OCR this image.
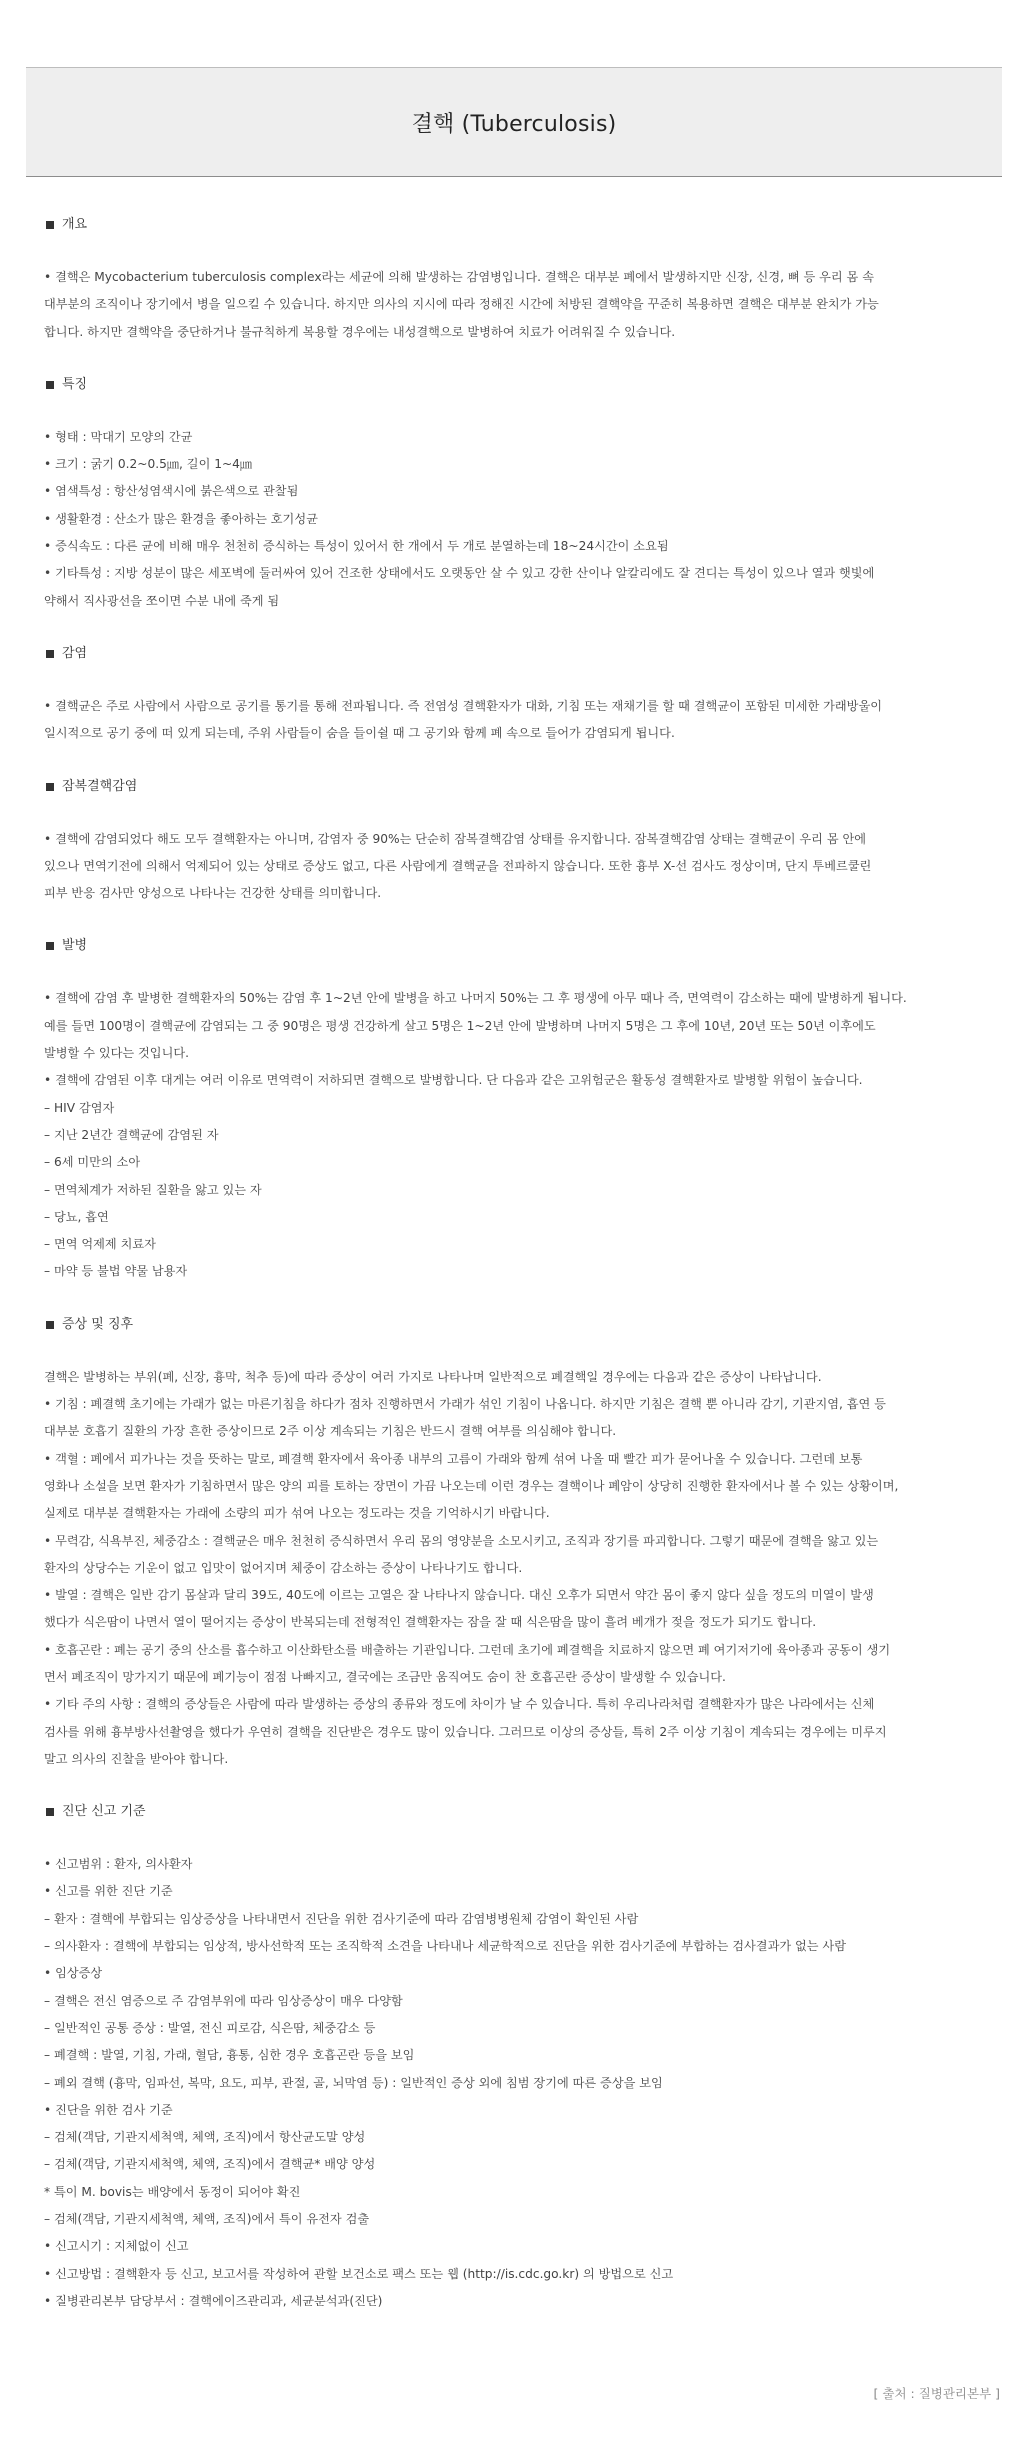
결핵 (Tuberculosis)
개요

• 결핵은 Mycobacterium tuberculosis complex라는 세균에 의해 발생하는 감염병입니다. 결핵은 대부분 폐에서 발생하지만 신장, 신경, 뼈 등 우리 몸 속

대부분의 조직이나 장기에서 병을 일으킬 수 있습니다. 하지만 의사의 지시에 따라 정해진 시간에 처방된 결핵약을 꾸준히 복용하면 결핵은 대부분 완치가 가능

합니다. 하지만 결핵약을 중단하거나 불규칙하게 복용할 경우에는 내성결핵으로 발병하여 치료가 어려워질 수 있습니다.

특징

• 형태 : 막대기 모양의 간균

• 크기 : 굵기 0.2~0.5㎛, 길이 1~4㎛

• 염색특성 : 항산성염색시에 붉은색으로 관찰됨

• 생활환경 : 산소가 많은 환경을 좋아하는 호기성균

• 증식속도 : 다른 균에 비해 매우 천천히 증식하는 특성이 있어서 한 개에서 두 개로 분열하는데 18~24시간이 소요됨

• 기타특성 : 지방 성분이 많은 세포벽에 둘러싸여 있어 건조한 상태에서도 오랫동안 살 수 있고 강한 산이나 알칼리에도 잘 견디는 특성이 있으나 열과 햇빛에

약해서 직사광선을 쪼이면 수분 내에 죽게 됨

감염

• 결핵균은 주로 사람에서 사람으로 공기를 통기를 통해 전파됩니다. 즉 전염성 결핵환자가 대화, 기침 또는 재채기를 할 때 결핵균이 포함된 미세한 가래방울이

일시적으로 공기 중에 떠 있게 되는데, 주위 사람들이 숨을 들이쉴 때 그 공기와 함께 폐 속으로 들어가 감염되게 됩니다.

잠복결핵감염

• 결핵에 감염되었다 해도 모두 결핵환자는 아니며, 감염자 중 90%는 단순히 잠복결핵감염 상태를 유지합니다. 잠복결핵감염 상태는 결핵균이 우리 몸 안에

있으나 면역기전에 의해서 억제되어 있는 상태로 증상도 없고, 다른 사람에게 결핵균을 전파하지 않습니다. 또한 흉부 X-선 검사도 정상이며, 단지 투베르쿨린

피부 반응 검사만 양성으로 나타나는 건강한 상태를 의미합니다.

발병

• 결핵에 감염 후 발병한 결핵환자의 50%는 감염 후 1~2년 안에 발병을 하고 나머지 50%는 그 후 평생에 아무 때나 즉, 면역력이 감소하는 때에 발병하게 됩니다.

예를 들면 100명이 결핵균에 감염되는 그 중 90명은 평생 건강하게 살고 5명은 1~2년 안에 발병하며 나머지 5명은 그 후에 10년, 20년 또는 50년 이후에도

발병할 수 있다는 것입니다.

• 결핵에 감염된 이후 대게는 여러 이유로 면역력이 저하되면 결핵으로 발병합니다. 단 다음과 같은 고위험군은 활동성 결핵환자로 발병할 위험이 높습니다.

– HIV 감염자

– 지난 2년간 결핵균에 감염된 자

– 6세 미만의 소아

– 면역체계가 저하된 질환을 앓고 있는 자

– 당뇨, 흡연

– 면역 억제제 치료자

– 마약 등 불법 약물 남용자

증상 및 징후

결핵은 발병하는 부위(폐, 신장, 흉막, 척추 등)에 따라 증상이 여러 가지로 나타나며 일반적으로 폐결핵일 경우에는 다음과 같은 증상이 나타납니다.

• 기침 : 폐결핵 초기에는 가래가 없는 마른기침을 하다가 점차 진행하면서 가래가 섞인 기침이 나옵니다. 하지만 기침은 결핵 뿐 아니라 감기, 기관지염, 흡연 등

대부분 호흡기 질환의 가장 흔한 증상이므로 2주 이상 계속되는 기침은 반드시 결핵 여부를 의심해야 합니다.

• 객혈 : 폐에서 피가나는 것을 뜻하는 말로, 폐결핵 환자에서 육아종 내부의 고름이 가래와 함께 섞여 나올 때 빨간 피가 묻어나올 수 있습니다. 그런데 보통

영화나 소설을 보면 환자가 기침하면서 많은 양의 피를 토하는 장면이 가끔 나오는데 이런 경우는 결핵이나 폐암이 상당히 진행한 환자에서나 볼 수 있는 상황이며,

실제로 대부분 결핵환자는 가래에 소량의 피가 섞여 나오는 정도라는 것을 기억하시기 바랍니다.

• 무력감, 식욕부진, 체중감소 : 결핵균은 매우 천천히 증식하면서 우리 몸의 영양분을 소모시키고, 조직과 장기를 파괴합니다. 그렇기 때문에 결핵을 앓고 있는

환자의 상당수는 기운이 없고 입맛이 없어지며 체중이 감소하는 증상이 나타나기도 합니다.

• 발열 : 결핵은 일반 감기 몸살과 달리 39도, 40도에 이르는 고열은 잘 나타나지 않습니다. 대신 오후가 되면서 약간 몸이 좋지 않다 싶을 정도의 미열이 발생

했다가 식은땀이 나면서 열이 떨어지는 증상이 반복되는데 전형적인 결핵환자는 잠을 잘 때 식은땀을 많이 흘려 베개가 젖을 정도가 되기도 합니다.

• 호흡곤란 : 폐는 공기 중의 산소를 흡수하고 이산화탄소를 배출하는 기관입니다. 그런데 초기에 폐결핵을 치료하지 않으면 폐 여기저기에 육아종과 공동이 생기

면서 폐조직이 망가지기 때문에 폐기능이 점점 나빠지고, 결국에는 조금만 움직여도 숨이 찬 호흡곤란 증상이 발생할 수 있습니다.

• 기타 주의 사항 : 결핵의 증상들은 사람에 따라 발생하는 증상의 종류와 정도에 차이가 날 수 있습니다. 특히 우리나라처럼 결핵환자가 많은 나라에서는 신체

검사를 위해 흉부방사선촬영을 했다가 우연히 결핵을 진단받은 경우도 많이 있습니다. 그러므로 이상의 증상들, 특히 2주 이상 기침이 계속되는 경우에는 미루지

말고 의사의 진찰을 받아야 합니다.

진단 신고 기준

• 신고범위 : 환자, 의사환자

• 신고를 위한 진단 기준

– 환자 : 결핵에 부합되는 임상증상을 나타내면서 진단을 위한 검사기준에 따라 감염병병원체 감염이 확인된 사람

– 의사환자 : 결핵에 부합되는 임상적, 방사선학적 또는 조직학적 소견을 나타내나 세균학적으로 진단을 위한 검사기준에 부합하는 검사결과가 없는 사람

• 임상증상

– 결핵은 전신 염증으로 주 감염부위에 따라 임상증상이 매우 다양함

– 일반적인 공통 증상 : 발열, 전신 피로감, 식은땀, 체중감소 등

– 폐결핵 : 발열, 기침, 가래, 혈담, 흉통, 심한 경우 호흡곤란 등을 보임

– 폐외 결핵 (흉막, 임파선, 복막, 요도, 피부, 관절, 골, 뇌막염 등) : 일반적인 증상 외에 침범 장기에 따른 증상을 보임

• 진단을 위한 검사 기준

– 검체(객담, 기관지세척액, 체액, 조직)에서 항산균도말 양성

– 검체(객담, 기관지세척액, 체액, 조직)에서 결핵균* 배양 양성

* 특이 M. bovis는 배양에서 동정이 되어야 확진

– 검체(객담, 기관지세척액, 체액, 조직)에서 특이 유전자 검출

• 신고시기 : 지체없이 신고

• 신고방법 : 결핵환자 등 신고, 보고서를 작성하여 관할 보건소로 팩스 또는 웹 (http://is.cdc.go.kr) 의 방법으로 신고

• 질병관리본부 담당부서 : 결핵에이즈관리과, 세균분석과(진단)

[ 출처 : 질병관리본부 ]
